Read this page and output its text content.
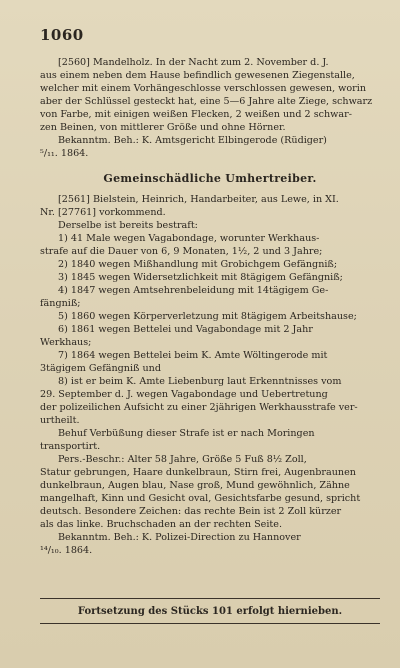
1060
[2560] Mandelholz. In der Nacht zum 2. November d. J.
aus einem neben dem Hause befindlich gewesenen Ziegenstalle,
welcher mit einem Vorhängeschlosse verschlossen gewesen, worin
aber der Schlüssel gesteckt hat, eine 5—6 Jahre alte Ziege, schwarz
von Farbe, mit einigen weißen Flecken, 2 weißen und 2 schwar-
zen Beinen, von mittlerer Größe und ohne Hörner.
Bekanntm. Beh.: K. Amtsgericht Elbingerode (Rüdiger)
⁵/₁₁. 1864.
Gemeinschädliche Umhertreiber.
[2561] Bielstein, Heinrich, Handarbeiter, aus Lewe, in XI.
Nr. [27761] vorkommend.
Derselbe ist bereits bestraft:
1) 41 Male wegen Vagabondage, worunter Werkhaus-
strafe auf die Dauer von 6, 9 Monaten, 1½, 2 und 3 Jahre;
2) 1840 wegen Mißhandlung mit Grobichgem Gefängniß;
3) 1845 wegen Widersetzlichkeit mit 8tägigem Gefängniß;
4) 1847 wegen Amtsehrenbeleidung mit 14tägigem Ge-
fängniß;
5) 1860 wegen Körperverletzung mit 8tägigem Arbeitshause;
6) 1861 wegen Bettelei und Vagabondage mit 2 Jahr
Werkhaus;
7) 1864 wegen Bettelei beim K. Amte Wöltingerode mit
3tägigem Gefängniß und
8) ist er beim K. Amte Liebenburg laut Erkenntnisses vom
29. September d. J. wegen Vagabondage und Uebertretung
der polizeilichen Aufsicht zu einer 2jährigen Werkhausstrafe ver-
urtheilt.
Behuf Verbüßung dieser Strafe ist er nach Moringen
transportirt.
Pers.-Beschr.: Alter 58 Jahre, Größe 5 Fuß 8½ Zoll,
Statur gebrungen, Haare dunkelbraun, Stirn frei, Augenbraunen
dunkelbraun, Augen blau, Nase groß, Mund gewöhnlich, Zähne
mangelhaft, Kinn und Gesicht oval, Gesichtsfarbe gesund, spricht
deutsch. Besondere Zeichen: das rechte Bein ist 2 Zoll kürzer
als das linke. Bruchschaden an der rechten Seite.
Bekanntm. Beh.: K. Polizei-Direction zu Hannover
¹⁴/₁₀. 1864.
Fortsetzung des Stücks 101 erfolgt hiernieben.
